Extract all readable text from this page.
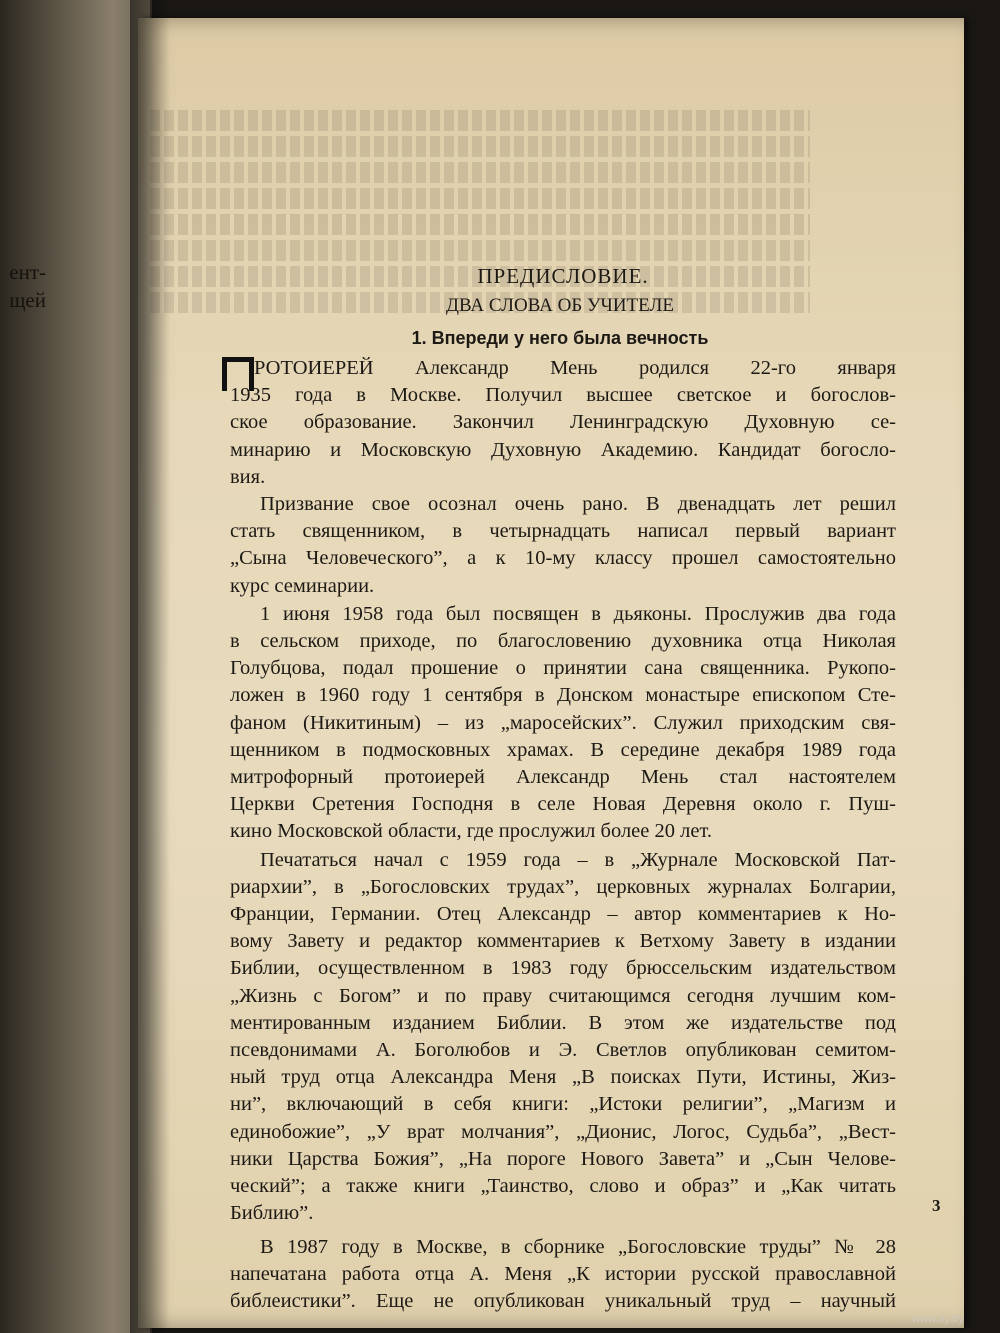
ент-
щей

ПРЕДИСЛОВИЕ.

ДВА СЛОВА ОБ УЧИТЕЛЕ

1. Впереди у него была вечность

РОТОИЕРЕЙ Александр Мень родился 22-го января
1935 года в Москве. Получил высшее светское и богослов-
ское образование. Закончил Ленинградскую Духовную се-
минарию и Московскую Духовную Академию. Кандидат богосло-
вия.

Призвание свое осознал очень рано. В двенадцать лет решил
стать священником, в четырнадцать написал первый вариант
„Сына Человеческого”, а к 10-му классу прошел самостоятельно
курс семинарии.

1 июня 1958 года был посвящен в дьяконы. Прослужив два года
в сельском приходе, по благословению духовника отца Николая
Голубцова, подал прошение о принятии сана священника. Рукопо-
ложен в 1960 году 1 сентября в Донском монастыре епископом Сте-
фаном (Никитиным) – из „маросейских”. Служил приходским свя-
щенником в подмосковных храмах. В середине декабря 1989 года
митрофорный протоиерей Александр Мень стал настоятелем
Церкви Сретения Господня в селе Новая Деревня около г. Пуш-
кино Московской области, где прослужил более 20 лет.

Печататься начал с 1959 года – в „Журнале Московской Пат-
риархии”, в „Богословских трудах”, церковных журналах Болгарии,
Франции, Германии. Отец Александр – автор комментариев к Но-
вому Завету и редактор комментариев к Ветхому Завету в издании
Библии, осуществленном в 1983 году брюссельским издательством
„Жизнь с Богом” и по праву считающимся сегодня лучшим ком-
ментированным изданием Библии. В этом же издательстве под
псевдонимами А. Боголюбов и Э. Светлов опубликован семитом-
ный труд отца Александра Меня „В поисках Пути, Истины, Жиз-
ни”, включающий в себя книги: „Истоки религии”, „Магизм и
единобожие”, „У врат молчания”, „Дионис, Логос, Судьба”, „Вест-
ники Царства Божия”, „На пороге Нового Завета” и „Сын Челове-
ческий”; а также книги „Таинство, слово и образ” и „Как читать
Библию”.

В 1987 году в Москве, в сборнике „Богословские труды” № 28
напечатана работа отца А. Меня „К истории русской православной
библеистики”. Еще не опубликован уникальный труд – научный

3
www.ay.by
